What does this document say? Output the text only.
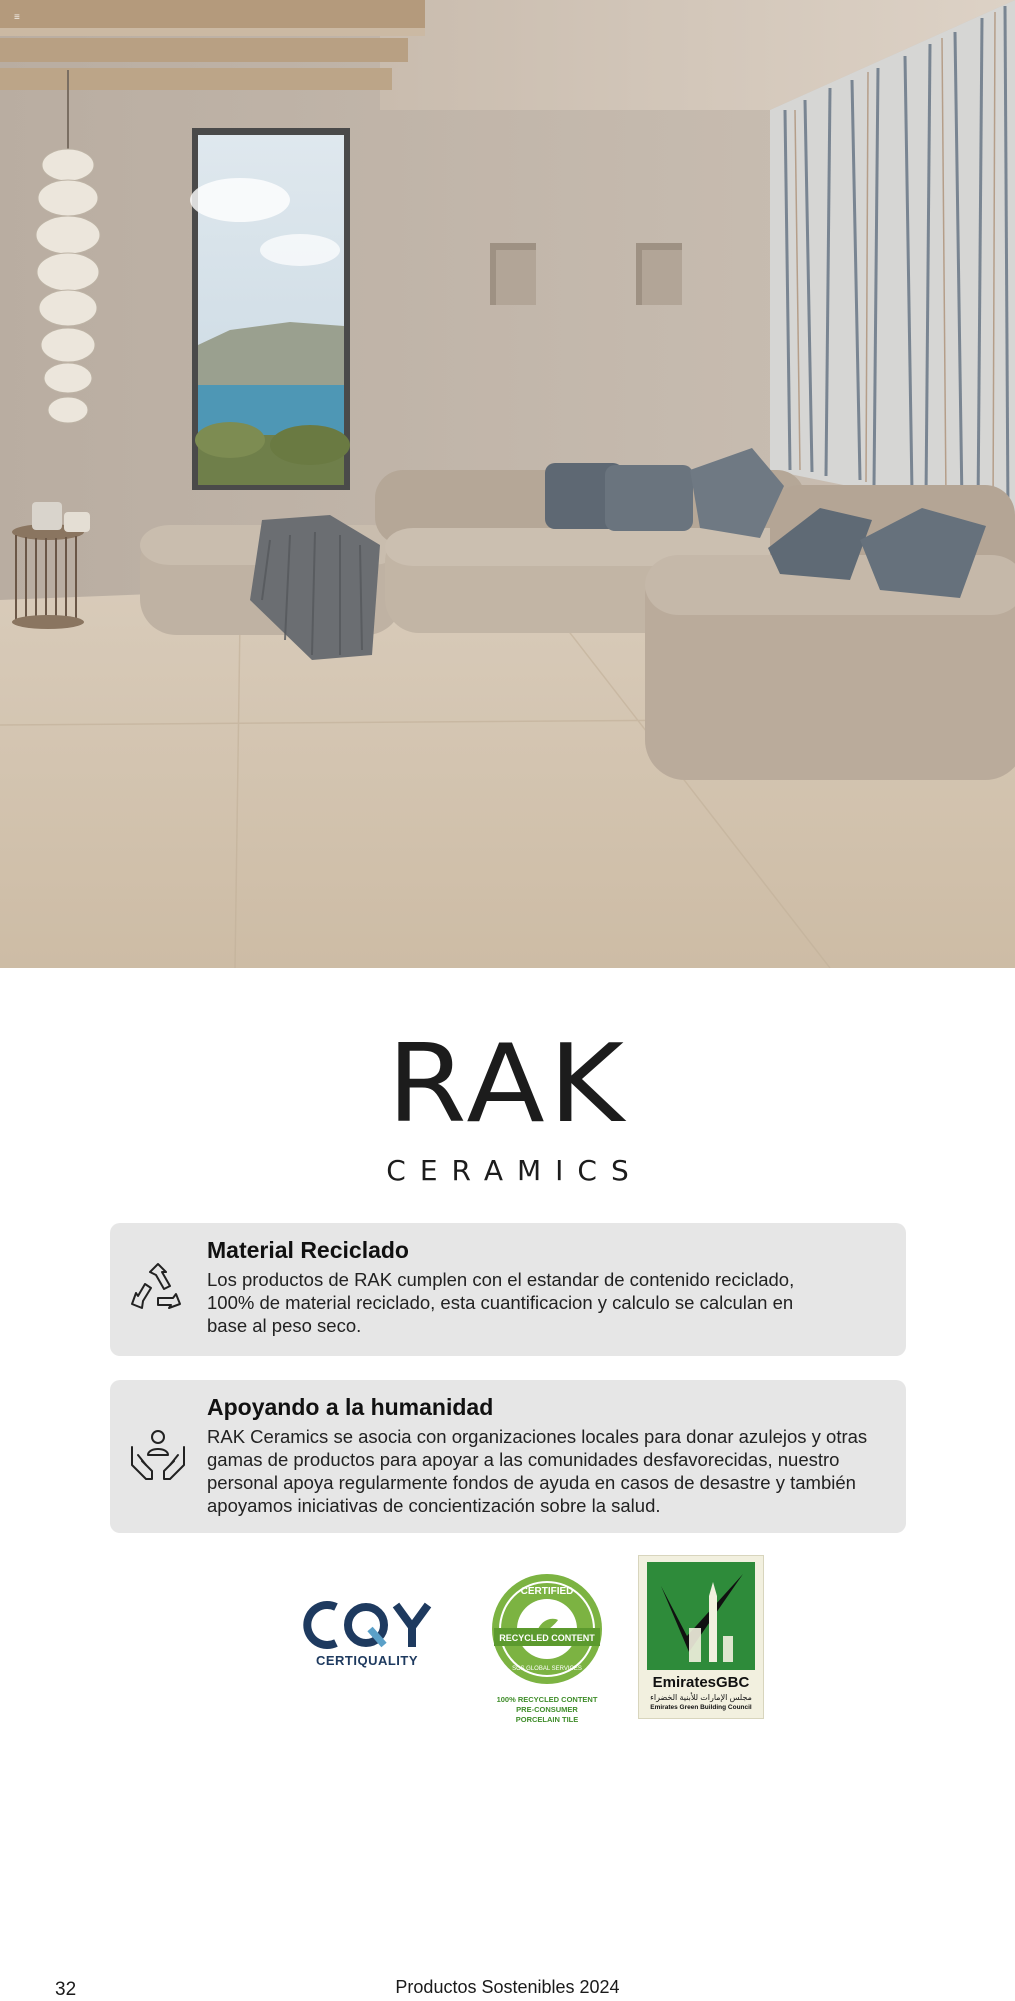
≡
RAK
CERAMICS
Material Reciclado

Los productos de RAK cumplen con el estandar de contenido reciclado, 100% de material reciclado, esta cuantificacion y calculo se calculan en base al peso seco.

Apoyando a la humanidad

RAK Ceramics se asocia con organizaciones locales para donar azulejos y otras gamas de productos para apoyar a las comunidades desfavorecidas, nuestro personal apoya regularmente fondos de ayuda en casos de desastre y también apoyamos iniciativas de concientización sobre la salud.

CERTIQUALITY
CERTIFIED
RECYCLED CONTENT
SCS GLOBAL SERVICES
100% RECYCLED CONTENT
PRE-CONSUMER
PORCELAIN TILE
EmiratesGBC
مجلس الإمارات للأبنية الخضراء
Emirates Green Building Council
32	Productos Sostenibles 2024
